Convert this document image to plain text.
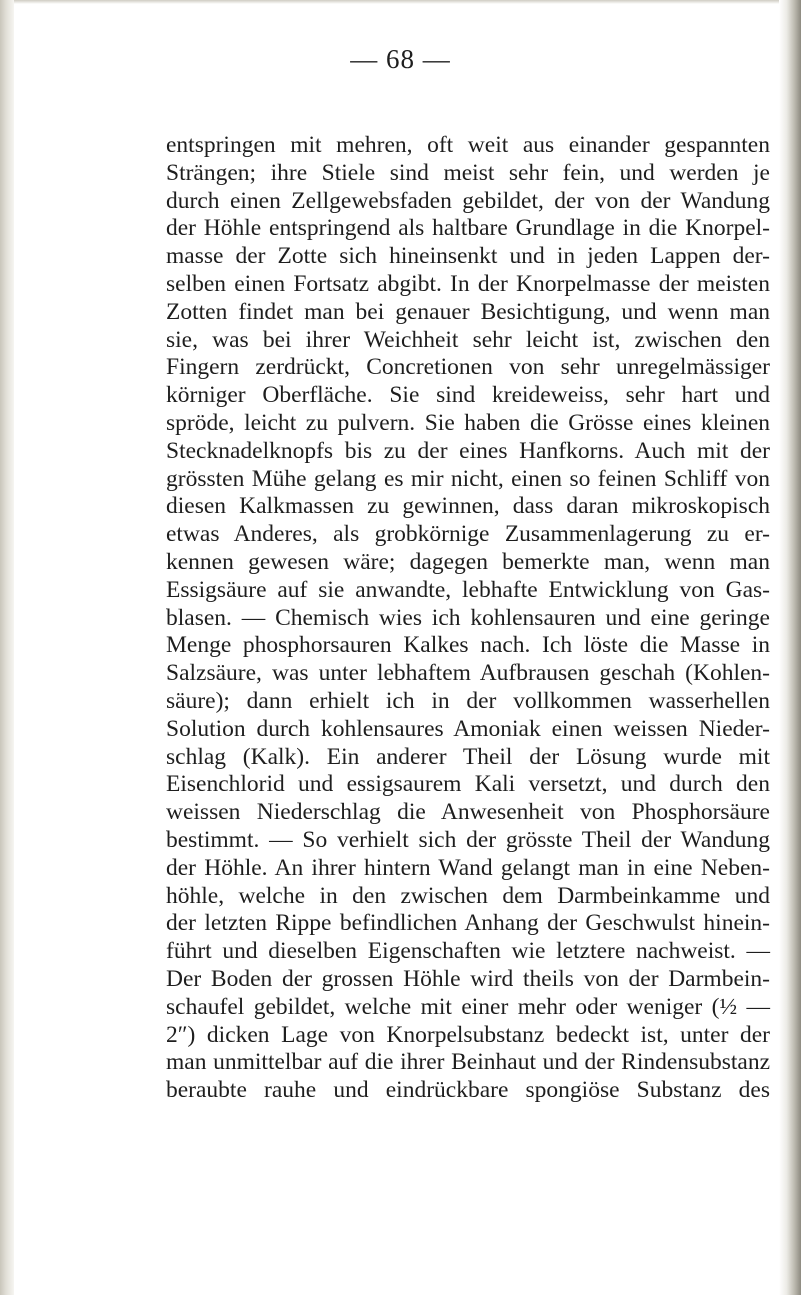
— 68 —

entspringen mit mehren, oft weit aus einander gespannten
Strängen; ihre Stiele sind meist sehr fein, und werden je
durch einen Zellgewebsfaden gebildet, der von der Wandung
der Höhle entspringend als haltbare Grundlage in die Knorpel-
masse der Zotte sich hineinsenkt und in jeden Lappen der-
selben einen Fortsatz abgibt. In der Knorpelmasse der meisten
Zotten findet man bei genauer Besichtigung, und wenn man
sie, was bei ihrer Weichheit sehr leicht ist, zwischen den
Fingern zerdrückt, Concretionen von sehr unregelmässiger
körniger Oberfläche. Sie sind kreideweiss, sehr hart und
spröde, leicht zu pulvern. Sie haben die Grösse eines kleinen
Stecknadelknopfs bis zu der eines Hanfkorns. Auch mit der
grössten Mühe gelang es mir nicht, einen so feinen Schliff von
diesen Kalkmassen zu gewinnen, dass daran mikroskopisch
etwas Anderes, als grobkörnige Zusammenlagerung zu er-
kennen gewesen wäre; dagegen bemerkte man, wenn man
Essigsäure auf sie anwandte, lebhafte Entwicklung von Gas-
blasen. — Chemisch wies ich kohlensauren und eine geringe
Menge phosphorsauren Kalkes nach. Ich löste die Masse in
Salzsäure, was unter lebhaftem Aufbrausen geschah (Kohlen-
säure); dann erhielt ich in der vollkommen wasserhellen
Solution durch kohlensaures Amoniak einen weissen Nieder-
schlag (Kalk). Ein anderer Theil der Lösung wurde mit
Eisenchlorid und essigsaurem Kali versetzt, und durch den
weissen Niederschlag die Anwesenheit von Phosphorsäure
bestimmt. — So verhielt sich der grösste Theil der Wandung
der Höhle. An ihrer hintern Wand gelangt man in eine Neben-
höhle, welche in den zwischen dem Darmbeinkamme und
der letzten Rippe befindlichen Anhang der Geschwulst hinein-
führt und dieselben Eigenschaften wie letztere nachweist. —
Der Boden der grossen Höhle wird theils von der Darmbein-
schaufel gebildet, welche mit einer mehr oder weniger (½ —
2″) dicken Lage von Knorpelsubstanz bedeckt ist, unter der
man unmittelbar auf die ihrer Beinhaut und der Rindensubstanz
beraubte rauhe und eindrückbare spongiöse Substanz des
